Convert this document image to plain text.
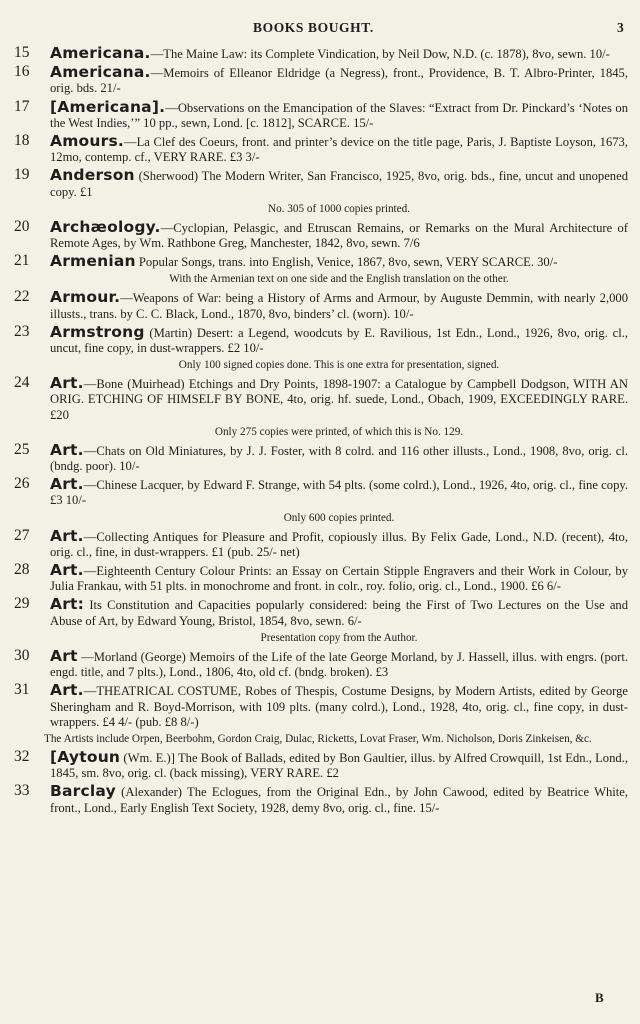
BOOKS BOUGHT.	3
15	Americana.—The Maine Law: its Complete Vindication, by Neil Dow, N.D. (c. 1878), 8vo, sewn. 10/-
16	Americana.—Memoirs of Elleanor Eldridge (a Negress), front., Providence, B. T. Albro-Printer, 1845, orig. bds. 21/-
17	[Americana].—Observations on the Emancipation of the Slaves: “Extract from Dr. Pinckard’s ‘Notes on the West Indies,’” 10 pp., sewn, Lond. [c. 1812], SCARCE. 15/-
18	Amours.—La Clef des Coeurs, front. and printer’s device on the title page, Paris, J. Baptiste Loyson, 1673, 12mo, contemp. cf., VERY RARE. £3 3/-
19	Anderson (Sherwood) The Modern Writer, San Francisco, 1925, 8vo, orig. bds., fine, uncut and unopened copy. £1
No. 305 of 1000 copies printed.
20	Archæology.—Cyclopian, Pelasgic, and Etruscan Remains, or Remarks on the Mural Architecture of Remote Ages, by Wm. Rathbone Greg, Manchester, 1842, 8vo, sewn. 7/6
21	Armenian Popular Songs, trans. into English, Venice, 1867, 8vo, sewn, VERY SCARCE. 30/-
With the Armenian text on one side and the English translation on the other.
22	Armour.—Weapons of War: being a History of Arms and Armour, by Auguste Demmin, with nearly 2,000 illusts., trans. by C. C. Black, Lond., 1870, 8vo, binders’ cl. (worn). 10/-
23	Armstrong (Martin) Desert: a Legend, woodcuts by E. Ravilious, 1st Edn., Lond., 1926, 8vo, orig. cl., uncut, fine copy, in dust-wrappers. £2 10/-
Only 100 signed copies done. This is one extra for presentation, signed.
24	Art.—Bone (Muirhead) Etchings and Dry Points, 1898-1907: a Catalogue by Campbell Dodgson, WITH AN ORIG. ETCHING OF HIMSELF BY BONE, 4to, orig. hf. suede, Lond., Obach, 1909, EXCEEDINGLY RARE. £20
Only 275 copies were printed, of which this is No. 129.
25	Art.—Chats on Old Miniatures, by J. J. Foster, with 8 colrd. and 116 other illusts., Lond., 1908, 8vo, orig. cl. (bndg. poor). 10/-
26	Art.—Chinese Lacquer, by Edward F. Strange, with 54 plts. (some colrd.), Lond., 1926, 4to, orig. cl., fine copy. £3 10/-
Only 600 copies printed.
27	Art.—Collecting Antiques for Pleasure and Profit, copiously illus. By Felix Gade, Lond., N.D. (recent), 4to, orig. cl., fine, in dust-wrappers. £1 (pub. 25/- net)
28	Art.—Eighteenth Century Colour Prints: an Essay on Certain Stipple Engravers and their Work in Colour, by Julia Frankau, with 51 plts. in monochrome and front. in colr., roy. folio, orig. cl., Lond., 1900. £6 6/-
29	Art: Its Constitution and Capacities popularly considered: being the First of Two Lectures on the Use and Abuse of Art, by Edward Young, Bristol, 1854, 8vo, sewn. 6/-
Presentation copy from the Author.
30	Art —Morland (George) Memoirs of the Life of the late George Morland, by J. Hassell, illus. with engrs. (port. engd. title, and 7 plts.), Lond., 1806, 4to, old cf. (bndg. broken). £3
31	Art.—THEATRICAL COSTUME, Robes of Thespis, Costume Designs, by Modern Artists, edited by George Sheringham and R. Boyd-Morrison, with 109 plts. (many colrd.), Lond., 1928, 4to, orig. cl., fine copy, in dust-wrappers. £4 4/- (pub. £8 8/-)
The Artists include Orpen, Beerbohm, Gordon Craig, Dulac, Ricketts, Lovat Fraser, Wm. Nicholson, Doris Zinkeisen, &c.
32	[Aytoun (Wm. E.)] The Book of Ballads, edited by Bon Gaultier, illus. by Alfred Crowquill, 1st Edn., Lond., 1845, sm. 8vo, orig. cl. (back missing), VERY RARE. £2
33	Barclay (Alexander) The Eclogues, from the Original Edn., by John Cawood, edited by Beatrice White, front., Lond., Early English Text Society, 1928, demy 8vo, orig. cl., fine. 15/-
B
